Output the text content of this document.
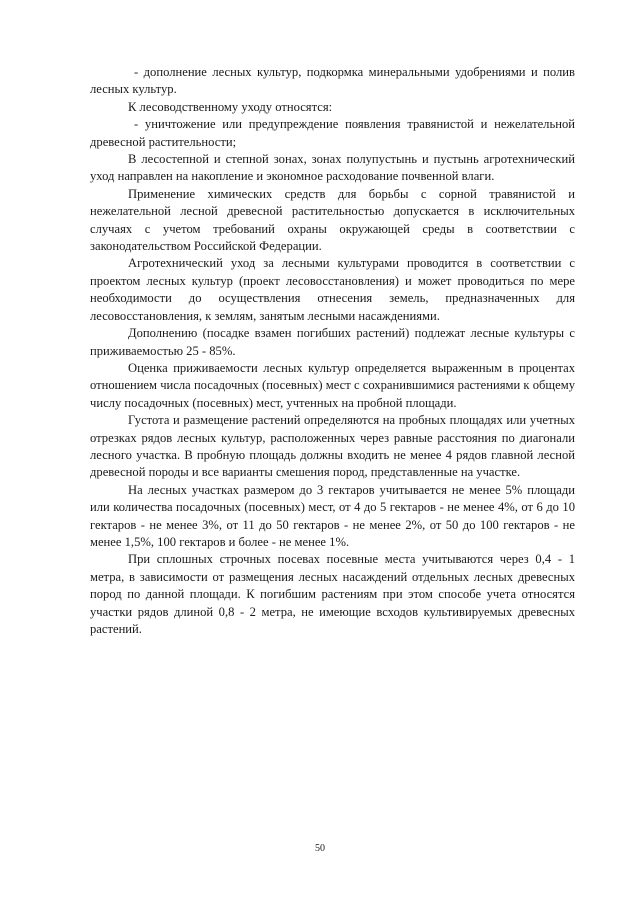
- дополнение лесных культур, подкормка минеральными удобрениями и полив лесных культур.

К лесоводственному уходу относятся:

- уничтожение или предупреждение появления травянистой и нежелательной древесной растительности;

В лесостепной и степной зонах, зонах полупустынь и пустынь агротехнический уход направлен на накопление и экономное расходование почвенной влаги.

Применение химических средств для борьбы с сорной травянистой и нежелательной лесной древесной растительностью допускается в исключительных случаях с учетом требований охраны окружающей среды в соответствии с законодательством Российской Федерации.

Агротехнический уход за лесными культурами проводится в соответствии с проектом лесных культур (проект лесовосстановления) и может проводиться по мере необходимости до осуществления отнесения земель, предназначенных для лесовосстановления, к землям, занятым лесными насаждениями.

Дополнению (посадке взамен погибших растений) подлежат лесные культуры с приживаемостью 25 - 85%.

Оценка приживаемости лесных культур определяется выраженным в процентах отношением числа посадочных (посевных) мест с сохранившимися растениями к общему числу посадочных (посевных) мест, учтенных на пробной площади.

Густота и размещение растений определяются на пробных площадях или учетных отрезках рядов лесных культур, расположенных через равные расстояния по диагонали лесного участка. В пробную площадь должны входить не менее 4 рядов главной лесной древесной породы и все варианты смешения пород, представленные на участке.

На лесных участках размером до 3 гектаров учитывается не менее 5% площади или количества посадочных (посевных) мест, от 4 до 5 гектаров - не менее 4%, от 6 до 10 гектаров - не менее 3%, от 11 до 50 гектаров - не менее 2%, от 50 до 100 гектаров - не менее 1,5%, 100 гектаров и более - не менее 1%.

При сплошных строчных посевах посевные места учитываются через 0,4 - 1 метра, в зависимости от размещения лесных насаждений отдельных лесных древесных пород по данной площади. К погибшим растениям при этом способе учета относятся участки рядов длиной 0,8 - 2 метра, не имеющие всходов культивируемых древесных растений.

50
